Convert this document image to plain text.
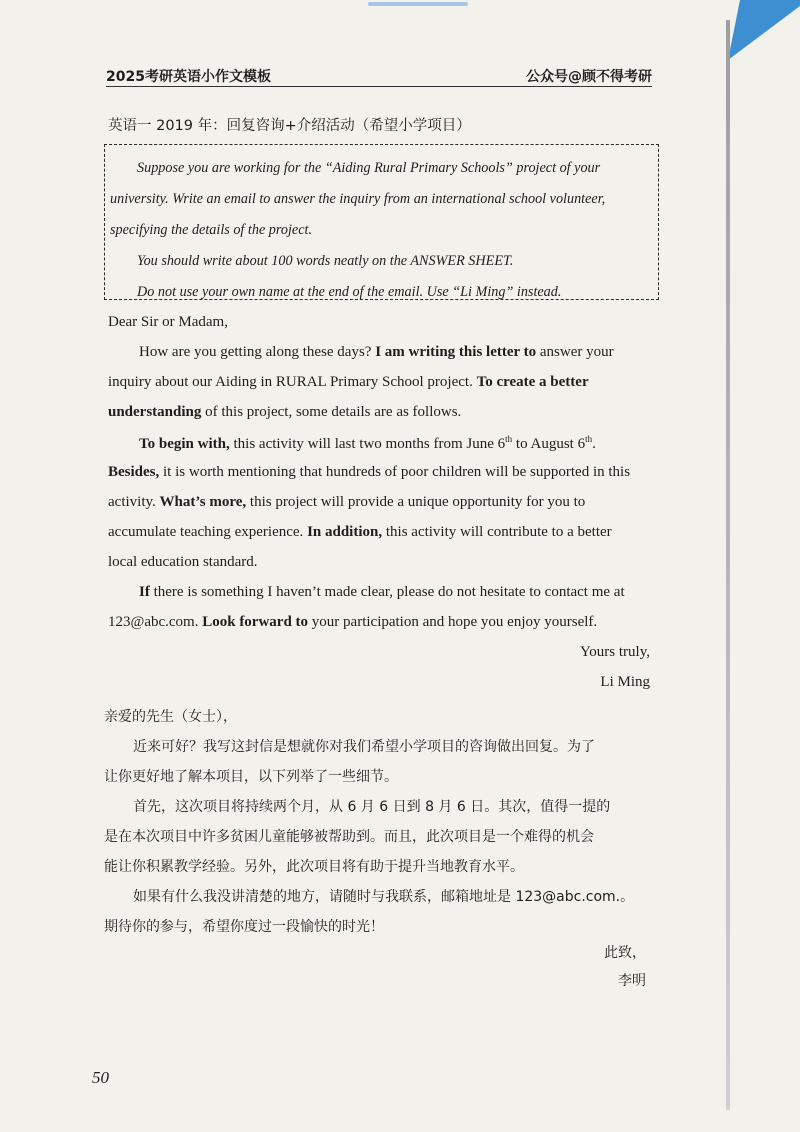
2025考研英语小作文模板	公众号@顾不得考研
英语一 2019 年：回复咨询+介绍活动（希望小学项目）
Suppose you are working for the “Aiding Rural Primary Schools” project of your
university. Write an email to answer the inquiry from an international school volunteer,
specifying the details of the project.
You should write about 100 words neatly on the ANSWER SHEET.
Do not use your own name at the end of the email. Use “Li Ming” instead.
Dear Sir or Madam,
How are you getting along these days? I am writing this letter to answer your
inquiry about our Aiding in RURAL Primary School project. To create a better
understanding of this project, some details are as follows.
To begin with, this activity will last two months from June 6th to August 6th.
Besides, it is worth mentioning that hundreds of poor children will be supported in this
activity. What’s more, this project will provide a unique opportunity for you to
accumulate teaching experience. In addition, this activity will contribute to a better
local education standard.
If there is something I haven’t made clear, please do not hesitate to contact me at
123@abc.com. Look forward to your participation and hope you enjoy yourself.
Yours truly,
Li Ming
亲爱的先生（女士），
近来可好？我写这封信是想就你对我们希望小学项目的咨询做出回复。为了
让你更好地了解本项目，以下列举了一些细节。
首先，这次项目将持续两个月，从 6 月 6 日到 8 月 6 日。其次，值得一提的
是在本次项目中许多贫困儿童能够被帮助到。而且，此次项目是一个难得的机会
能让你积累教学经验。另外，此次项目将有助于提升当地教育水平。
如果有什么我没讲清楚的地方，请随时与我联系，邮箱地址是 123@abc.com.。
期待你的参与，希望你度过一段愉快的时光！
此致，
李明
50
